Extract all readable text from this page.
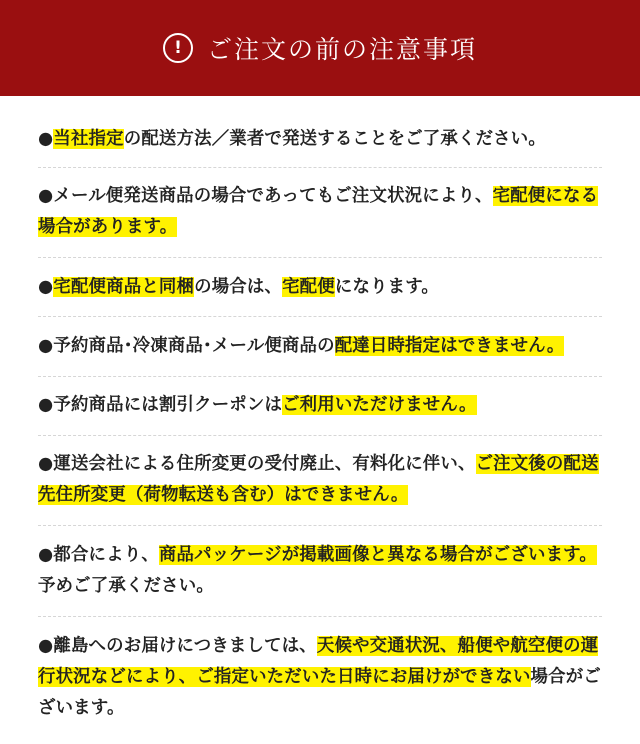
!	ご注文の前の注意事項
●当社指定の配送方法／業者で発送することをご了承ください。
●メール便発送商品の場合であってもご注文状況により、宅配便になる場合があります。
●宅配便商品と同梱の場合は、宅配便になります。
●予約商品･冷凍商品･メール便商品の配達日時指定はできません。
●予約商品には割引クーポンはご利用いただけません。
●運送会社による住所変更の受付廃止、有料化に伴い、ご注文後の配送先住所変更（荷物転送も含む）はできません。
●都合により、商品パッケージが掲載画像と異なる場合がございます。予めご了承ください。
●離島へのお届けにつきましては、天候や交通状況、船便や航空便の運行状況などにより、ご指定いただいた日時にお届けができない場合がございます。
